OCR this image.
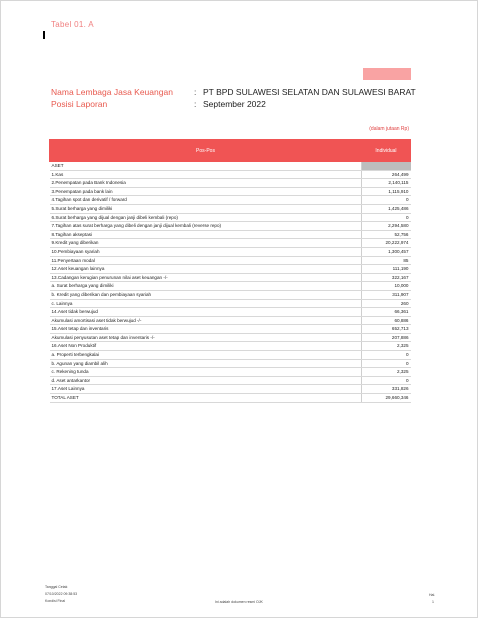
Tabel 01. A
Nama Lembaga Jasa Keuangan : PT BPD SULAWESI SELATAN DAN SULAWESI BARAT
Posisi Laporan	: September 2022
(dalam jutaan Rp)
Pos-Pos	Individual
ASET	
1.Kas	264,499
2.Penempatan pada Bank Indonesia	2,140,115
3.Penempatan pada bank lain	1,115,910
4.Tagihan spot dan derivatif / forward	0
5.Surat berharga yang dimiliki	1,425,486
6.Surat berharga yang dijual dengan janji dibeli kembali (repo)	0
7.Tagihan atas surat berharga yang dibeli dengan janji dijual kembali (reverse repo)	2,294,580
8.Tagihan akseptasi	52,756
9.Kredit yang diberikan	20,222,974
10.Pembiayaan syariah	1,300,457
11.Penyertaan modal	85
12.Aset keuangan lainnya	111,190
13.Cadangan kerugian penurunan nilai aset keuangan -/-	322,167
a. Surat berharga yang dimiliki	10,000
b. Kredit yang diberikan dan pembiayaan syariah	311,907
c. Lainnya	260
14.Aset tidak berwujud	66,361
Akumulasi amortisasi aset tidak berwujud -/-	60,886
15.Aset tetap dan inventaris	652,713
Akumulasi penyusutan aset tetap dan inventaris -/-	207,886
16.Aset Non Produktif	2,325
a. Properti terbengkalai	0
b. Agunan yang diambil alih	0
c. Rekening tunda	2,325
d. Aset antarkantor	0
17.Aset Lainnya	331,826
TOTAL ASET	29,660,346
Tanggal Cetak
07/10/2022 09:38:53
Kondisi Final	Ini adalah dokumen resmi OJK
Hal.
1
